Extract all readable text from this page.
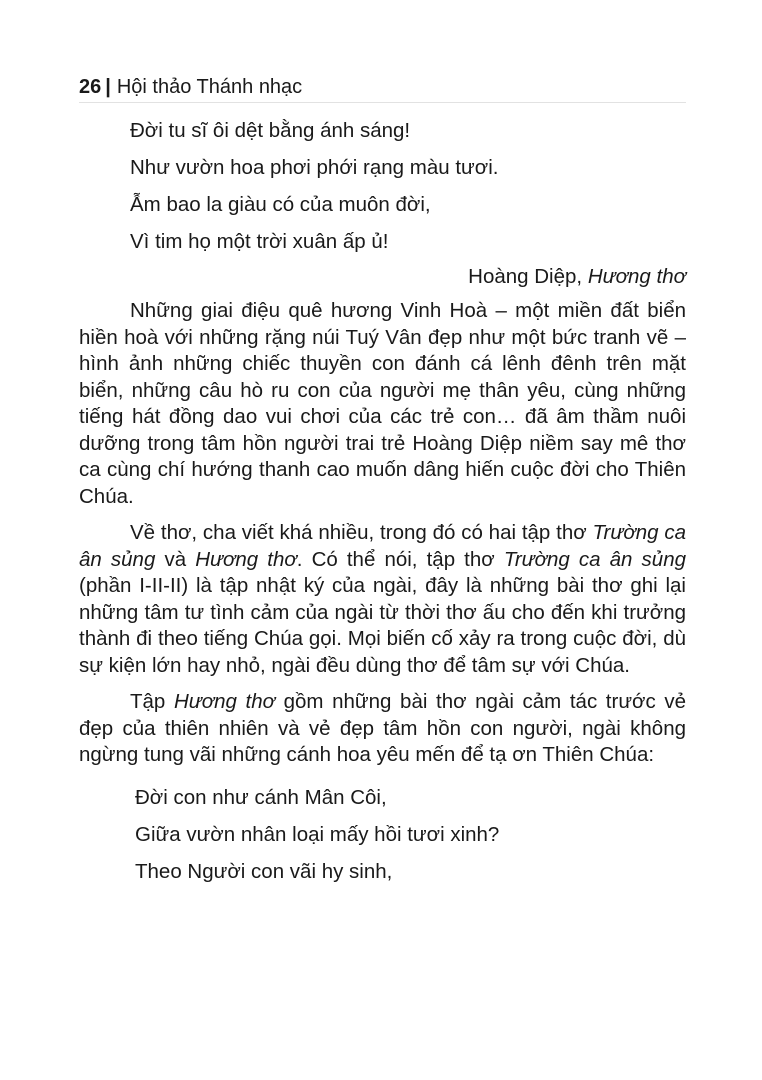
26 | Hội thảo Thánh nhạc
Đời tu sĩ ôi dệt bằng ánh sáng!
Như vườn hoa phơi phới rạng màu tươi.
Ẫm bao la giàu có của muôn đời,
Vì tim họ một trời xuân ấp ủ!
Hoàng Diệp, Hương thơ

Những giai điệu quê hương Vinh Hoà – một miền đất biển hiền hoà với những rặng núi Tuý Vân đẹp như một bức tranh vẽ – hình ảnh những chiếc thuyền con đánh cá lênh đênh trên mặt biển, những câu hò ru con của người mẹ thân yêu, cùng những tiếng hát đồng dao vui chơi của các trẻ con… đã âm thầm nuôi dưỡng trong tâm hồn người trai trẻ Hoàng Diệp niềm say mê thơ ca cùng chí hướng thanh cao muốn dâng hiến cuộc đời cho Thiên Chúa.

Về thơ, cha viết khá nhiều, trong đó có hai tập thơ Trường ca ân sủng và Hương thơ. Có thể nói, tập thơ Trường ca ân sủng (phần I-II-II) là tập nhật ký của ngài, đây là những bài thơ ghi lại những tâm tư tình cảm của ngài từ thời thơ ấu cho đến khi trưởng thành đi theo tiếng Chúa gọi. Mọi biến cố xảy ra trong cuộc đời, dù sự kiện lớn hay nhỏ, ngài đều dùng thơ để tâm sự với Chúa.

Tập Hương thơ gồm những bài thơ ngài cảm tác trước vẻ đẹp của thiên nhiên và vẻ đẹp tâm hồn con người, ngài không ngừng tung vãi những cánh hoa yêu mến để tạ ơn Thiên Chúa:

Đời con như cánh Mân Côi,
Giữa vườn nhân loại mấy hồi tươi xinh?
Theo Người con vãi hy sinh,
